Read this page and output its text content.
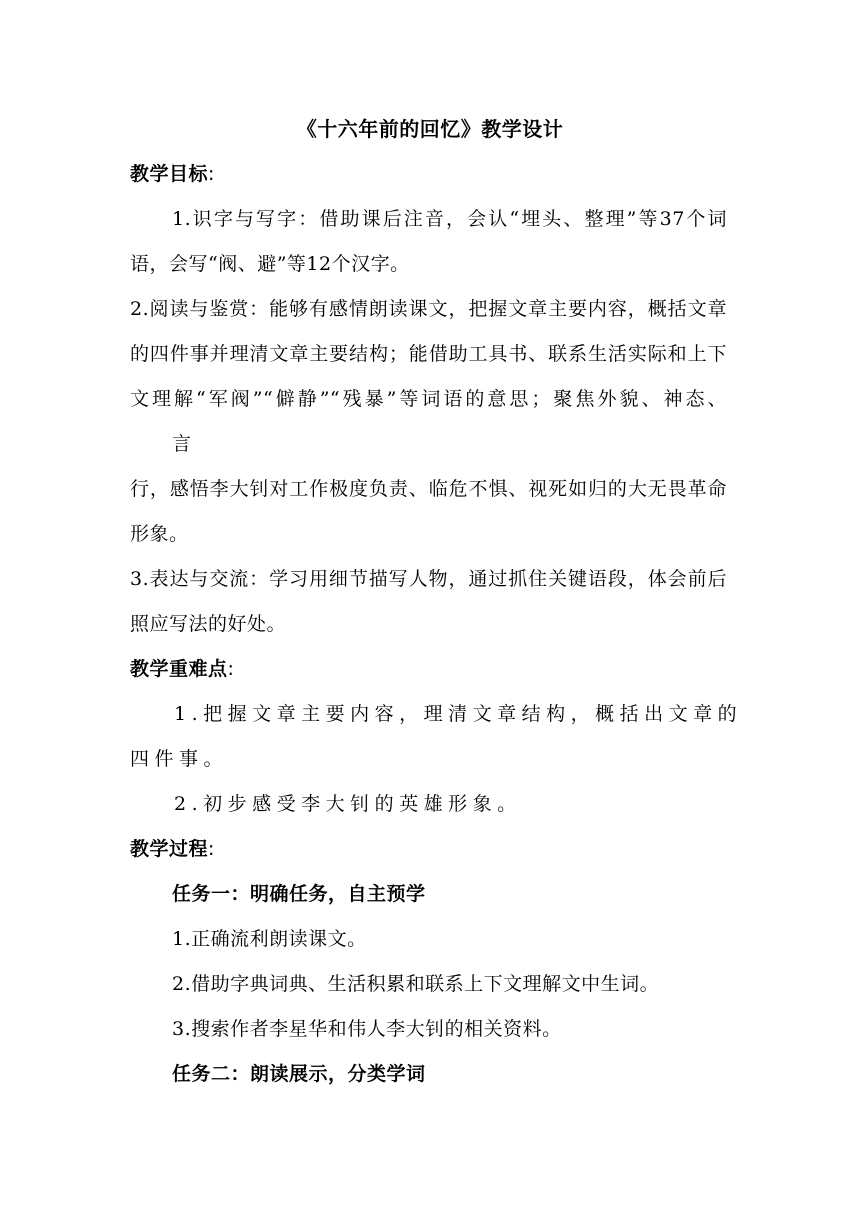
《十六年前的回忆》教学设计
教学目标:
1.识字与写字：借助课后注音，会认“埋头、整理”等37个词
语，会写“阀、避”等12个汉字。
2.阅读与鉴赏：能够有感情朗读课文，把握文章主要内容，概括文章
的四件事并理清文章主要结构；能借助工具书、联系生活实际和上下
文理解“军阀”“僻静”“残暴”等词语的意思；聚焦外貌、神态、
言
行，感悟李大钊对工作极度负责、临危不惧、视死如归的大无畏革命
形象。
3.表达与交流：学习用细节描写人物，通过抓住关键语段，体会前后
照应写法的好处。
教学重难点:
1.把握文章主要内容，理清文章结构，概括出文章的
四件事。
2.初步感受李大钊的英雄形象。
教学过程:
任务一：明确任务，自主预学
1.正确流利朗读课文。
2.借助字典词典、生活积累和联系上下文理解文中生词。
3.搜索作者李星华和伟人李大钊的相关资料。
任务二：朗读展示，分类学词
